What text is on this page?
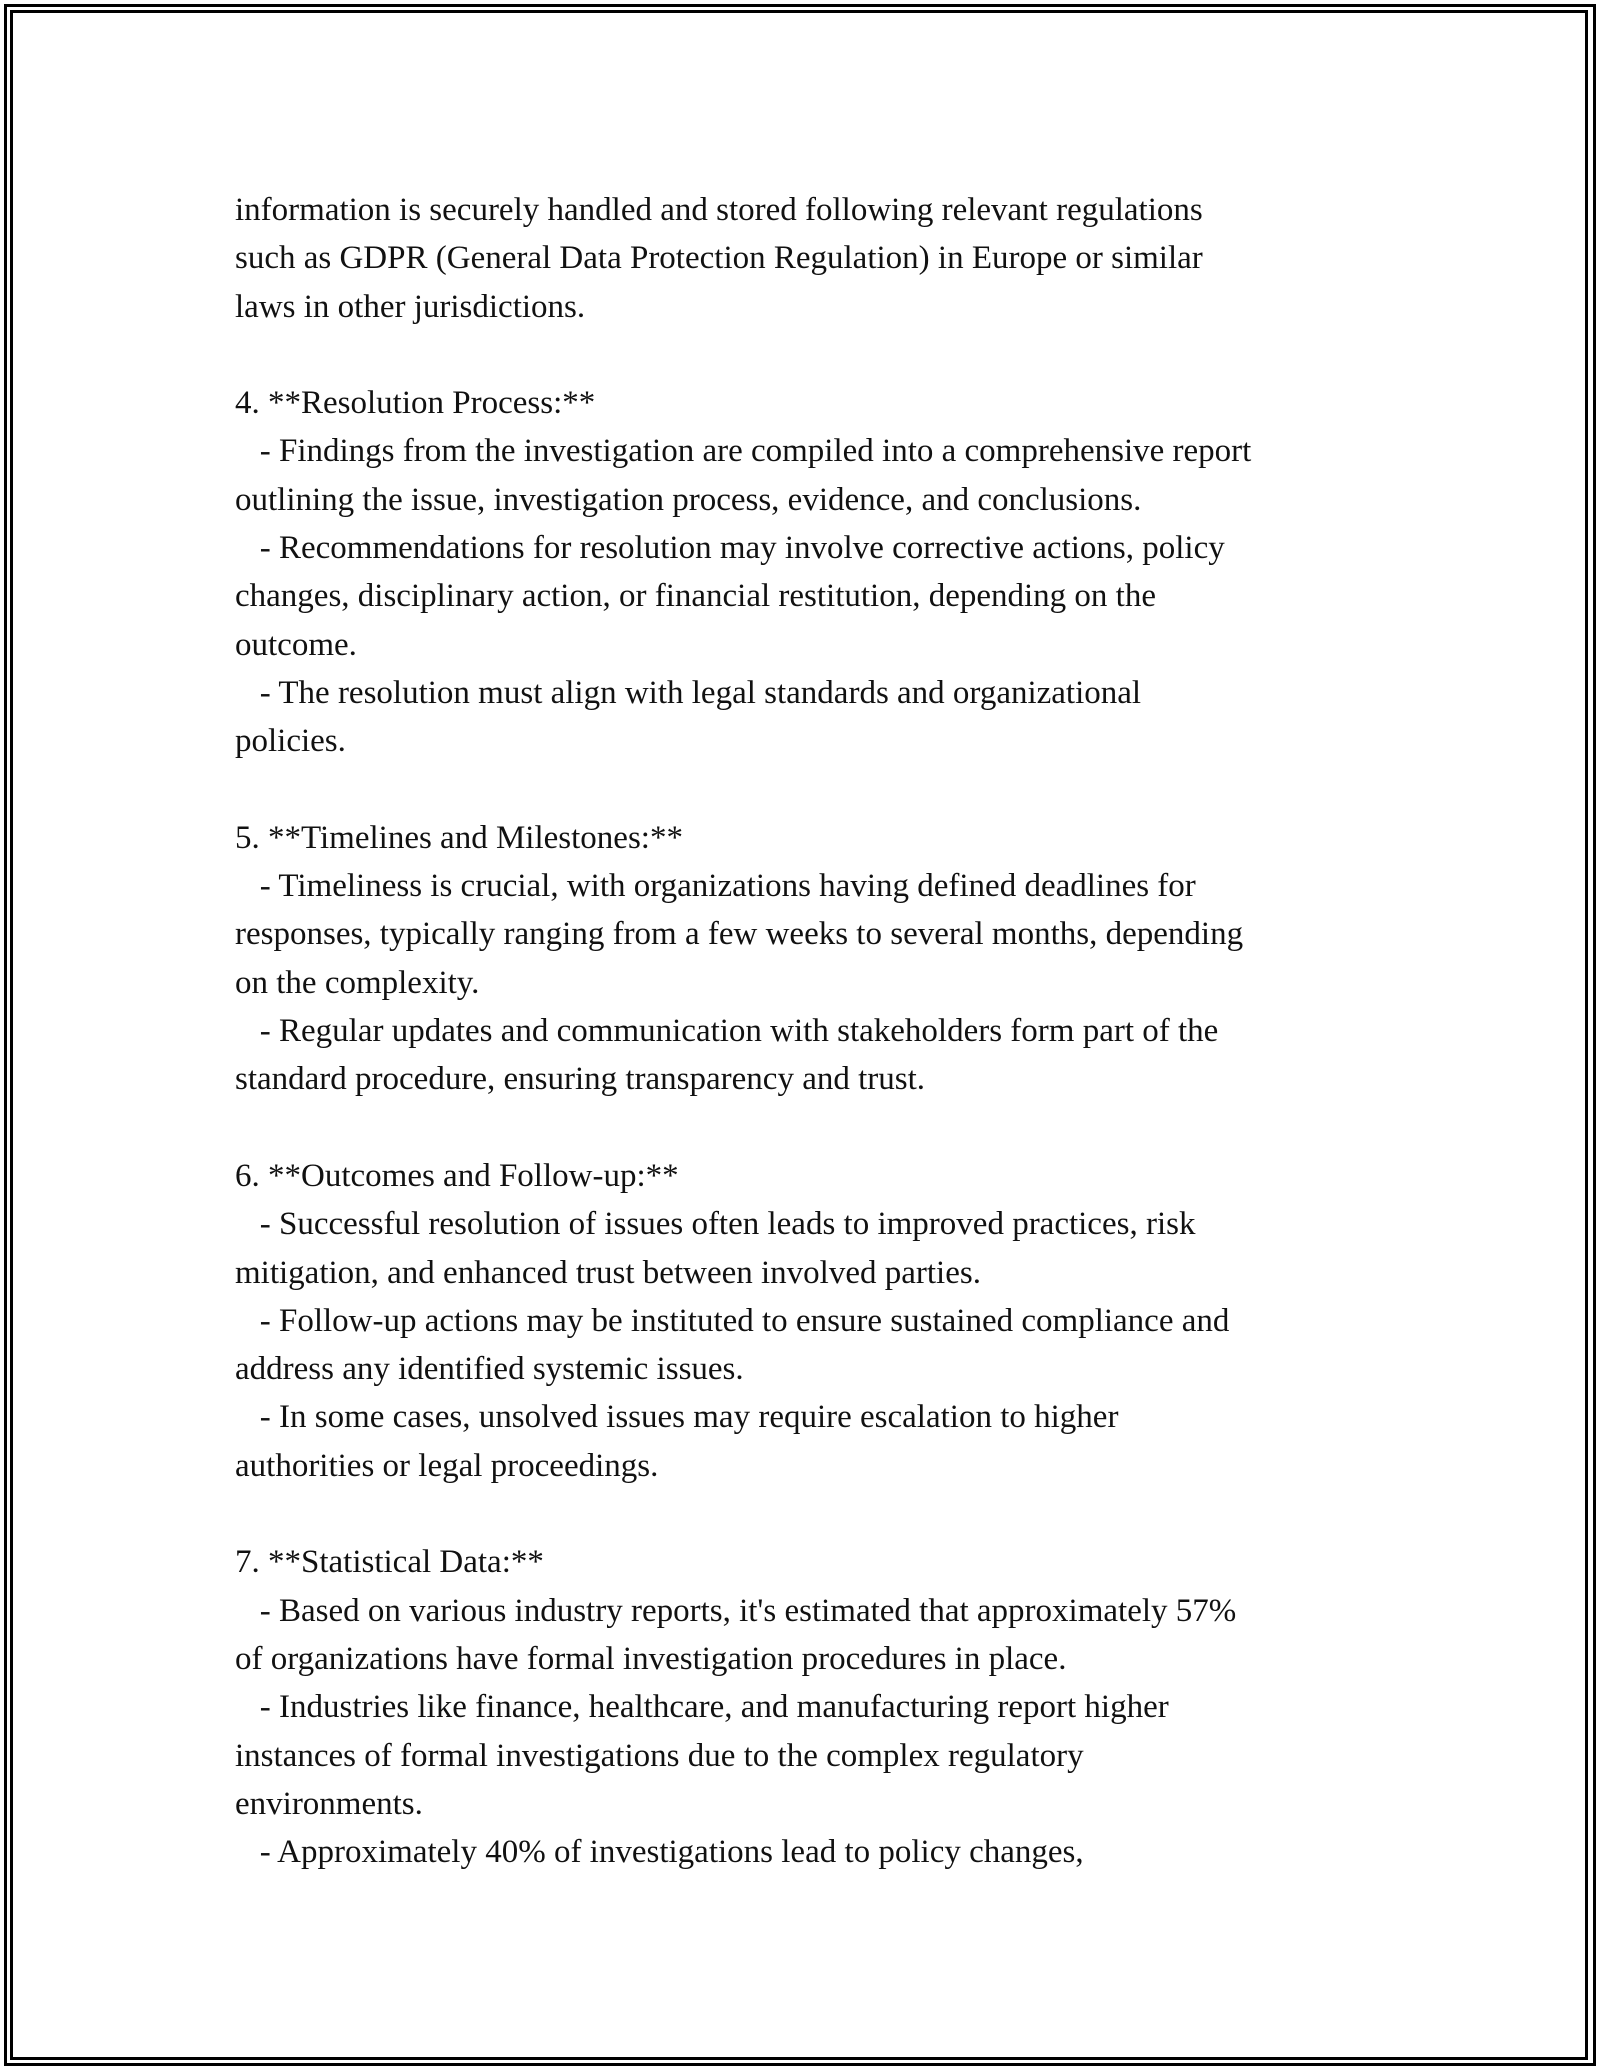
information is securely handled and stored following relevant regulations
such as GDPR (General Data Protection Regulation) in Europe or similar
laws in other jurisdictions.
4. **Resolution Process:**
- Findings from the investigation are compiled into a comprehensive report
outlining the issue, investigation process, evidence, and conclusions.
- Recommendations for resolution may involve corrective actions, policy
changes, disciplinary action, or financial restitution, depending on the
outcome.
- The resolution must align with legal standards and organizational
policies.
5. **Timelines and Milestones:**
- Timeliness is crucial, with organizations having defined deadlines for
responses, typically ranging from a few weeks to several months, depending
on the complexity.
- Regular updates and communication with stakeholders form part of the
standard procedure, ensuring transparency and trust.
6. **Outcomes and Follow-up:**
- Successful resolution of issues often leads to improved practices, risk
mitigation, and enhanced trust between involved parties.
- Follow-up actions may be instituted to ensure sustained compliance and
address any identified systemic issues.
- In some cases, unsolved issues may require escalation to higher
authorities or legal proceedings.
7. **Statistical Data:**
- Based on various industry reports, it's estimated that approximately 57%
of organizations have formal investigation procedures in place.
- Industries like finance, healthcare, and manufacturing report higher
instances of formal investigations due to the complex regulatory
environments.
- Approximately 40% of investigations lead to policy changes,
